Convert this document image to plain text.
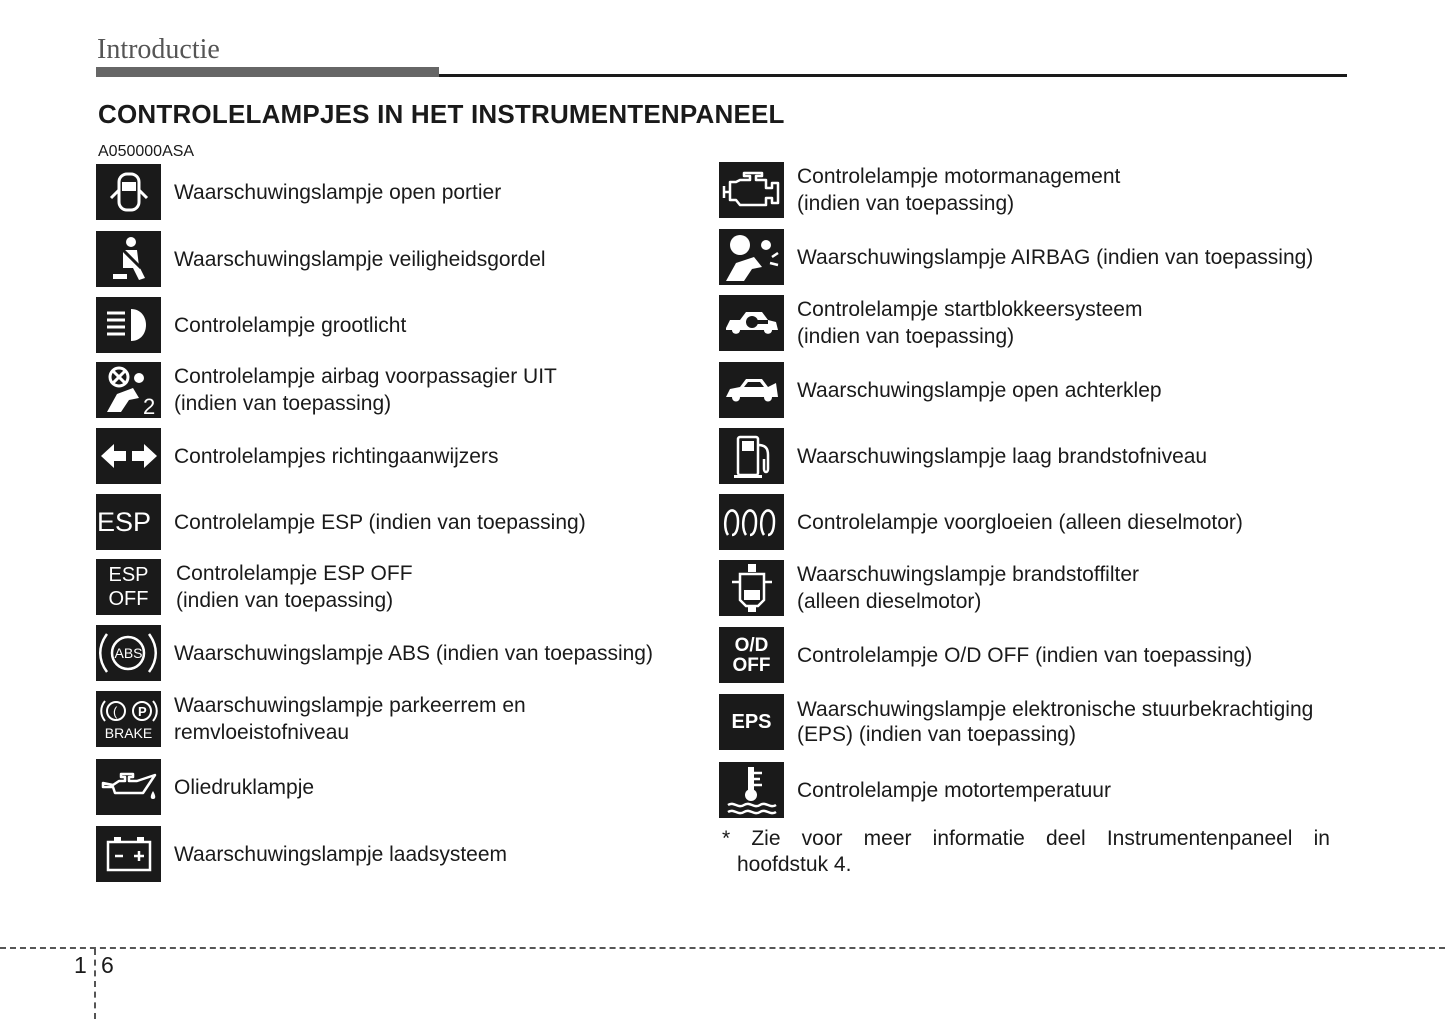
Introductie
CONTROLELAMPJES IN HET INSTRUMENTENPANEEL
A050000ASA
Waarschuwingslampje open portier
Waarschuwingslampje veiligheidsgordel
Controlelampje grootlicht
2
Controlelampje airbag voorpassagier UIT
(indien van toepassing)
Controlelampjes richtingaanwijzers
ESP	Controlelampje ESP (indien van toepassing)
ESP
OFF
Controlelampje ESP OFF
(indien van toepassing)
ABS Waarschuwingslampje ABS (indien van toepassing)
( P
BRAKE
Waarschuwingslampje parkeerrem en
remvloeistofniveau
Oliedruklampje
Waarschuwingslampje laadsysteem
Controlelampje motormanagement
(indien van toepassing)
Waarschuwingslampje AIRBAG (indien van toepassing)
Controlelampje startblokkeersysteem
(indien van toepassing)
Waarschuwingslampje open achterklep
Waarschuwingslampje laag brandstofniveau
Controlelampje voorgloeien (alleen dieselmotor)
Waarschuwingslampje brandstoffilter
(alleen dieselmotor)
O/D
OFF Controlelampje O/D OFF (indien van toepassing)
EPS
Waarschuwingslampje elektronische stuurbekrachtiging
(EPS) (indien van toepassing)
Controlelampje motortemperatuur
* Zie voor meer informatie deel Instrumentenpaneel in
hoofdstuk 4.
1 6
